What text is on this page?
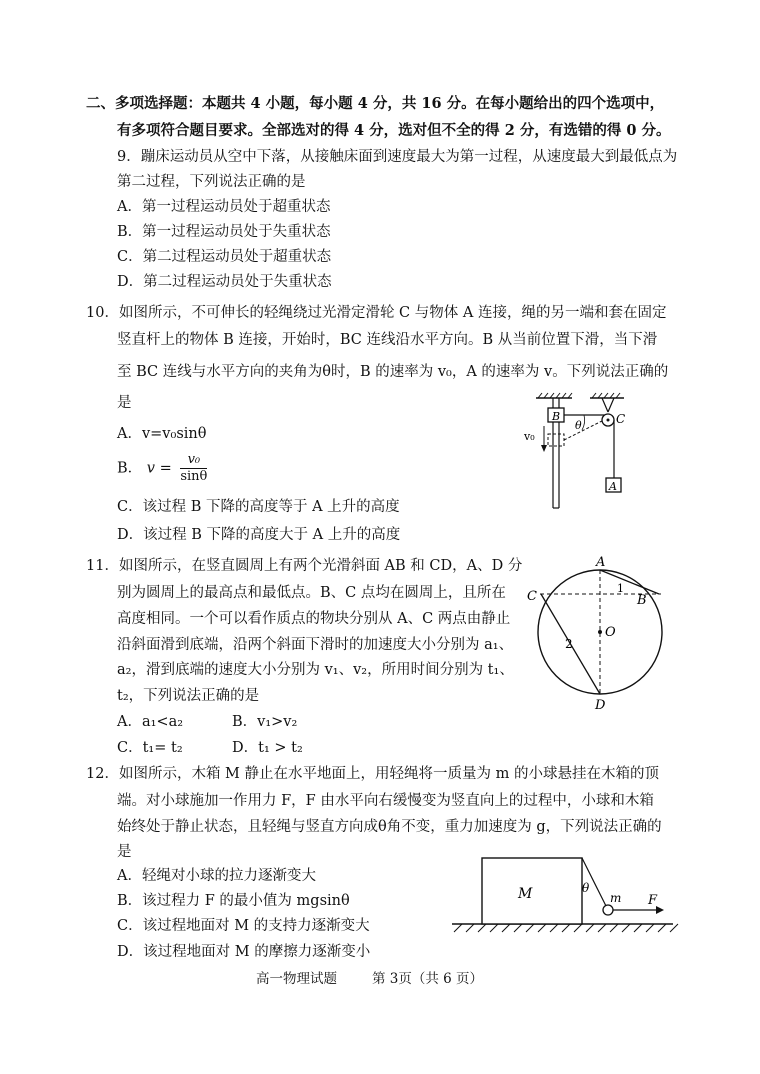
二、多项选择题：本题共 4 小题，每小题 4 分，共 16 分。在每小题给出的四个选项中，
有多项符合题目要求。全部选对的得 4 分，选对但不全的得 2 分，有选错的得 0 分。
9．蹦床运动员从空中下落，从接触床面到速度最大为第一过程，从速度最大到最低点为
第二过程，下列说法正确的是
A．第一过程运动员处于超重状态
B．第一过程运动员处于失重状态
C．第二过程运动员处于超重状态
D．第二过程运动员处于失重状态
10．如图所示，不可伸长的轻绳绕过光滑定滑轮 C 与物体 A 连接，绳的另一端和套在固定
竖直杆上的物体 B 连接，开始时，BC 连线沿水平方向。B 从当前位置下滑，当下滑
至 BC 连线与水平方向的夹角为θ时，B 的速率为 v₀，A 的速率为 v。下列说法正确的
是
A．v=v₀sinθ
B． $v = \frac{\text{v₀}}{\sin\theta}$
C．该过程 B 下降的高度等于 A 上升的高度
D．该过程 B 下降的高度大于 A 上升的高度
B
θ	C
A
v₀
11．如图所示，在竖直圆周上有两个光滑斜面 AB 和 CD，A、D 分
别为圆周上的最高点和最低点。B、C 点均在圆周上，且所在
高度相同。一个可以看作质点的物块分别从 A、C 两点由静止
沿斜面滑到底端，沿两个斜面下滑时的加速度大小分别为 a₁、
a₂，滑到底端的速度大小分别为 v₁、v₂，所用时间分别为 t₁、
t₂，下列说法正确的是
A．a₁<a₂	B．v₁>v₂
C．t₁= t₂	D．t₁ > t₂
O
A
B
C
D
1
2
12．如图所示，木箱 M 静止在水平地面上，用轻绳将一质量为 m 的小球悬挂在木箱的顶
端。对小球施加一作用力 F，F 由水平向右缓慢变为竖直向上的过程中，小球和木箱
始终处于静止状态，且轻绳与竖直方向成θ角不变，重力加速度为 g，下列说法正确的
是
A．轻绳对小球的拉力逐渐变大
B．该过程力 F 的最小值为 mgsinθ
C．该过程地面对 M 的支持力逐渐变大
D．该过程地面对 M 的摩擦力逐渐变小
M	θ
m F
高一物理试题	第 3页（共 6 页）
